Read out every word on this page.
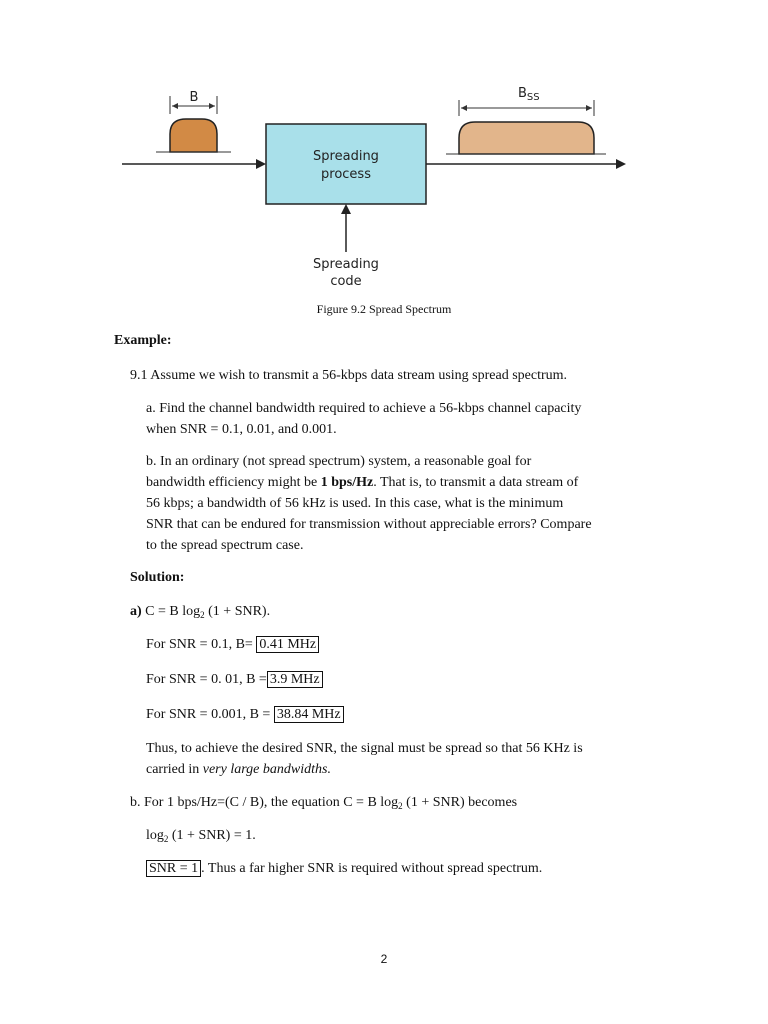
B
Spreading
process
$B_{SS}$
Spreading
code
Figure 9.2 Spread Spectrum
Example:
9.1 Assume we wish to transmit a 56-kbps data stream using spread spectrum.
a. Find the channel bandwidth required to achieve a 56-kbps channel capacity
when SNR = 0.1, 0.01, and 0.001.
b. In an ordinary (not spread spectrum) system, a reasonable goal for
bandwidth efficiency might be 1 bps/Hz. That is, to transmit a data stream of
56 kbps; a bandwidth of 56 kHz is used. In this case, what is the minimum
SNR that can be endured for transmission without appreciable errors? Compare
to the spread spectrum case.
Solution:
a) C = B $\log_2 (1 + SNR)$.
For SNR = 0.1, B= 0.41 MHz
For SNR = 0. 01, B = 3.9 MHz
For SNR = 0.001, B = 38.84 MHz
Thus, to achieve the desired SNR, the signal must be spread so that 56 KHz is
carried in very large bandwidths.
b. For 1 bps/Hz=(C / B), the equation C = B $\log_2 (1 + SNR)$ becomes
$\log_2 (1 + SNR) = 1$.
SNR = 1 . Thus a far higher SNR is required without spread spectrum.
2
